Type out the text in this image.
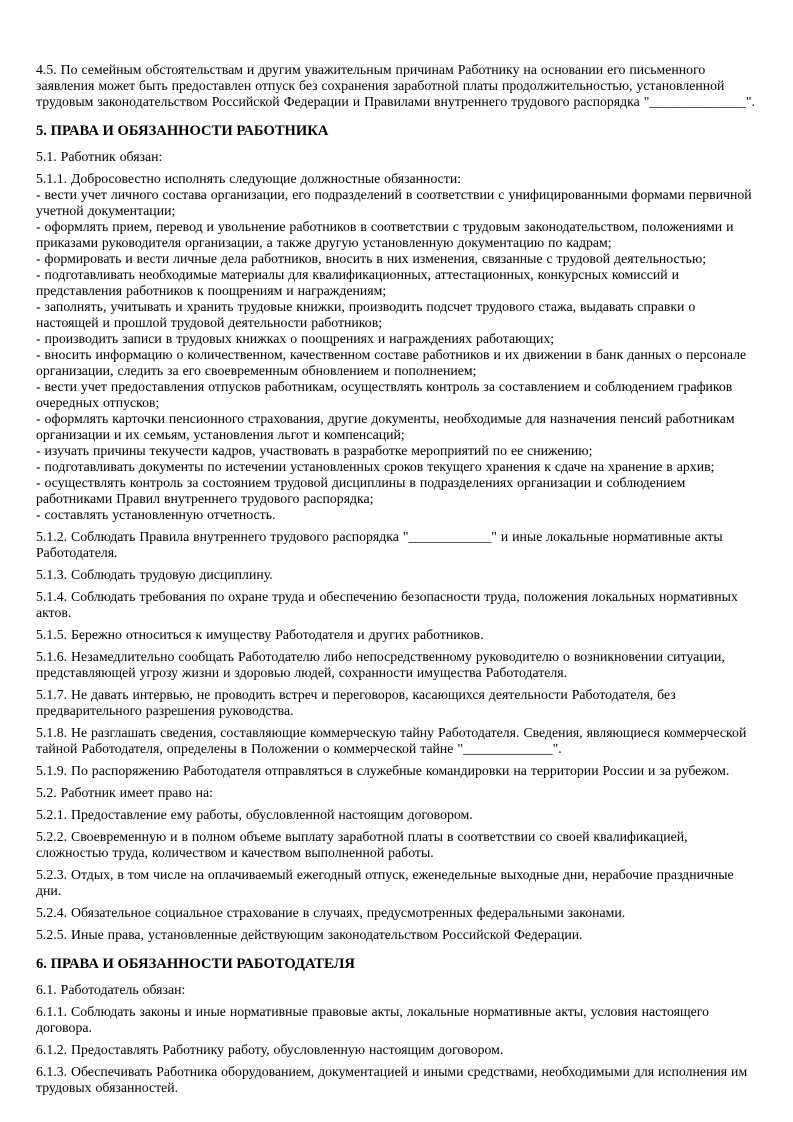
4.5. По семейным обстоятельствам и другим уважительным причинам Работнику на основании его письменного заявления может быть предоставлен отпуск без сохранения заработной платы продолжительностью, установленной трудовым законодательством Российской Федерации и Правилами внутреннего трудового распорядка "______________".

5. ПРАВА И ОБЯЗАННОСТИ РАБОТНИКА

5.1. Работник обязан:

5.1.1. Добросовестно исполнять следующие должностные обязанности:

- вести учет личного состава организации, его подразделений в соответствии с унифицированными формами первичной учетной документации;
- оформлять прием, перевод и увольнение работников в соответствии с трудовым законодательством, положениями и приказами руководителя организации, а также другую установленную документацию по кадрам;
- формировать и вести личные дела работников, вносить в них изменения, связанные с трудовой деятельностью;
- подготавливать необходимые материалы для квалификационных, аттестационных, конкурсных комиссий и представления работников к поощрениям и награждениям;
- заполнять, учитывать и хранить трудовые книжки, производить подсчет трудового стажа, выдавать справки о настоящей и прошлой трудовой деятельности работников;
- производить записи в трудовых книжках о поощрениях и награждениях работающих;
- вносить информацию о количественном, качественном составе работников и их движении в банк данных о персонале организации, следить за его своевременным обновлением и пополнением;
- вести учет предоставления отпусков работникам, осуществлять контроль за составлением и соблюдением графиков очередных отпусков;
- оформлять карточки пенсионного страхования, другие документы, необходимые для назначения пенсий работникам организации и их семьям, установления льгот и компенсаций;
- изучать причины текучести кадров, участвовать в разработке мероприятий по ее снижению;
- подготавливать документы по истечении установленных сроков текущего хранения к сдаче на хранение в архив;
- осуществлять контроль за состоянием трудовой дисциплины в подразделениях организации и соблюдением работниками Правил внутреннего трудового распорядка;
- составлять установленную отчетность.

5.1.2. Соблюдать Правила внутреннего трудового распорядка "____________" и иные локальные нормативные акты Работодателя.

5.1.3. Соблюдать трудовую дисциплину.

5.1.4. Соблюдать требования по охране труда и обеспечению безопасности труда, положения локальных нормативных актов.

5.1.5. Бережно относиться к имуществу Работодателя и других работников.

5.1.6. Незамедлительно сообщать Работодателю либо непосредственному руководителю о возникновении ситуации, представляющей угрозу жизни и здоровью людей, сохранности имущества Работодателя.

5.1.7. Не давать интервью, не проводить встреч и переговоров, касающихся деятельности Работодателя, без предварительного разрешения руководства.

5.1.8. Не разглашать сведения, составляющие коммерческую тайну Работодателя. Сведения, являющиеся коммерческой тайной Работодателя, определены в Положении о коммерческой тайне "_____________".

5.1.9. По распоряжению Работодателя отправляться в служебные командировки на территории России и за рубежом.

5.2. Работник имеет право на:

5.2.1. Предоставление ему работы, обусловленной настоящим договором.

5.2.2. Своевременную и в полном объеме выплату заработной платы в соответствии со своей квалификацией, сложностью труда, количеством и качеством выполненной работы.

5.2.3. Отдых, в том числе на оплачиваемый ежегодный отпуск, еженедельные выходные дни, нерабочие праздничные дни.

5.2.4. Обязательное социальное страхование в случаях, предусмотренных федеральными законами.

5.2.5. Иные права, установленные действующим законодательством Российской Федерации.

6. ПРАВА И ОБЯЗАННОСТИ РАБОТОДАТЕЛЯ

6.1. Работодатель обязан:

6.1.1. Соблюдать законы и иные нормативные правовые акты, локальные нормативные акты, условия настоящего договора.

6.1.2. Предоставлять Работнику работу, обусловленную настоящим договором.

6.1.3. Обеспечивать Работника оборудованием, документацией и иными средствами, необходимыми для исполнения им трудовых обязанностей.
